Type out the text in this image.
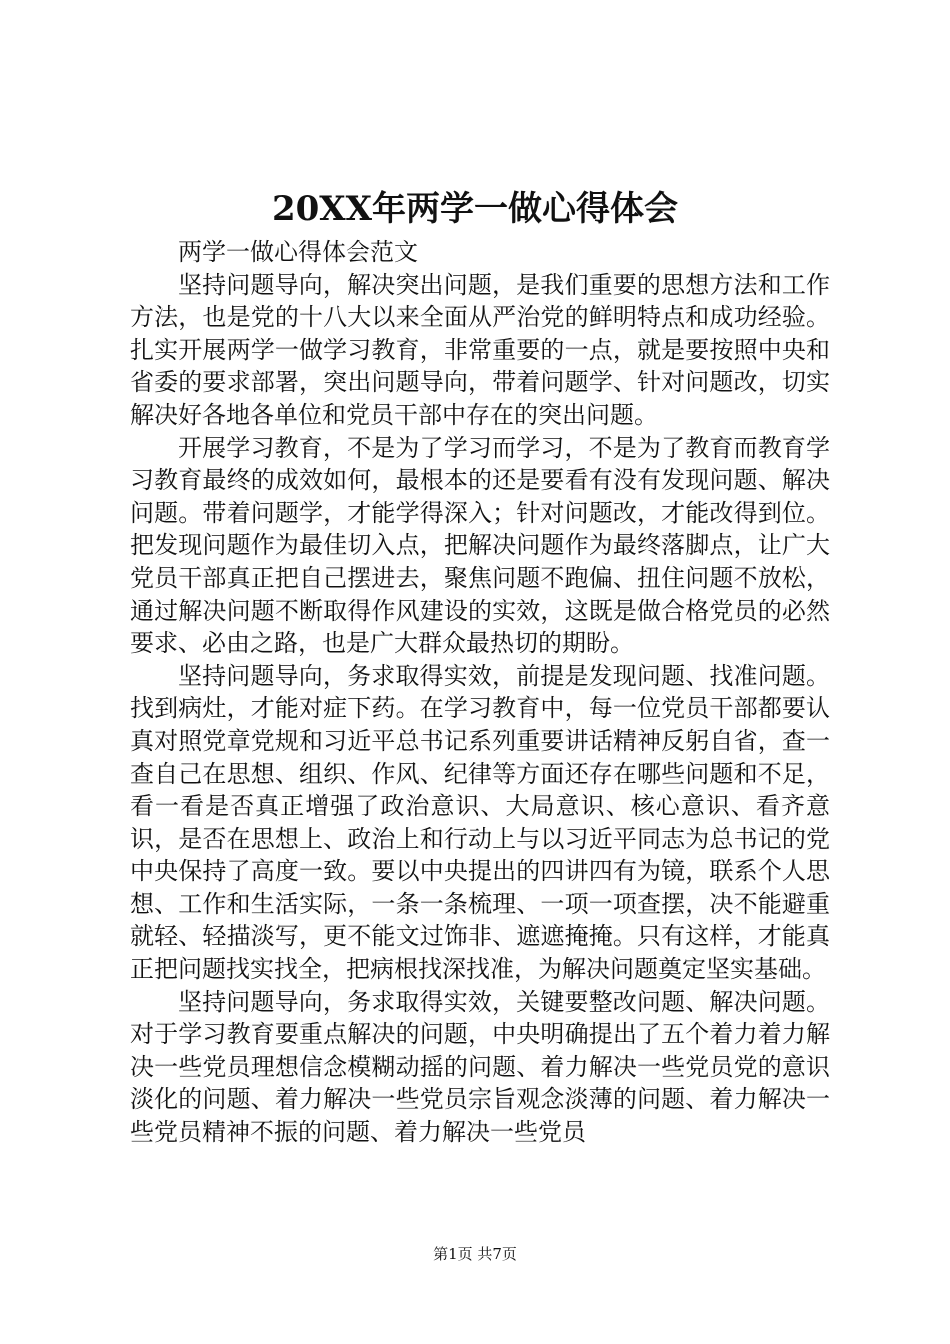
20XX年两学一做心得体会

两学一做心得体会范文

坚持问题导向，解决突出问题，是我们重要的思想方法和工作方法，也是党的十八大以来全面从严治党的鲜明特点和成功经验。扎实开展两学一做学习教育，非常重要的一点，就是要按照中央和省委的要求部署，突出问题导向，带着问题学、针对问题改，切实解决好各地各单位和党员干部中存在的突出问题。

开展学习教育，不是为了学习而学习，不是为了教育而教育学习教育最终的成效如何，最根本的还是要看有没有发现问题、解决问题。带着问题学，才能学得深入；针对问题改，才能改得到位。把发现问题作为最佳切入点，把解决问题作为最终落脚点，让广大党员干部真正把自己摆进去，聚焦问题不跑偏、扭住问题不放松，通过解决问题不断取得作风建设的实效，这既是做合格党员的必然要求、必由之路，也是广大群众最热切的期盼。

坚持问题导向，务求取得实效，前提是发现问题、找准问题。找到病灶，才能对症下药。在学习教育中，每一位党员干部都要认真对照党章党规和习近平总书记系列重要讲话精神反躬自省，查一查自己在思想、组织、作风、纪律等方面还存在哪些问题和不足，看一看是否真正增强了政治意识、大局意识、核心意识、看齐意识，是否在思想上、政治上和行动上与以习近平同志为总书记的党中央保持了高度一致。要以中央提出的四讲四有为镜，联系个人思想、工作和生活实际，一条一条梳理、一项一项查摆，决不能避重就轻、轻描淡写，更不能文过饰非、遮遮掩掩。只有这样，才能真正把问题找实找全，把病根找深找准，为解决问题奠定坚实基础。

坚持问题导向，务求取得实效，关键要整改问题、解决问题。对于学习教育要重点解决的问题，中央明确提出了五个着力着力解决一些党员理想信念模糊动摇的问题、着力解决一些党员党的意识淡化的问题、着力解决一些党员宗旨观念淡薄的问题、着力解决一些党员精神不振的问题、着力解决一些党员

第1页 共7页
